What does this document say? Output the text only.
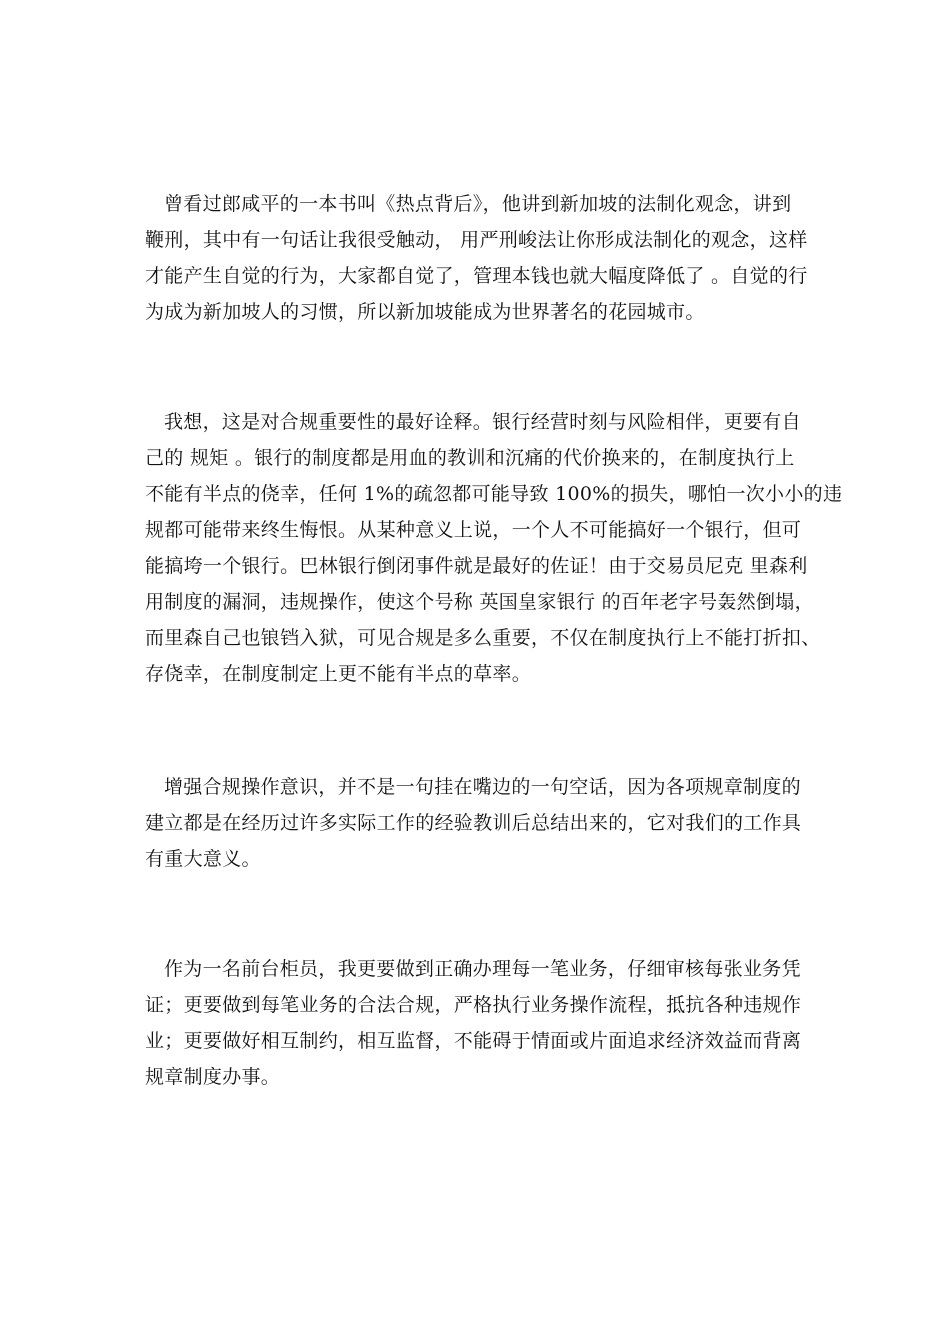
曾看过郎咸平的一本书叫《热点背后》，他讲到新加坡的法制化观念，讲到
鞭刑，其中有一句话让我很受触动， 用严刑峻法让你形成法制化的观念，这样
才能产生自觉的行为，大家都自觉了，管理本钱也就大幅度降低了 。自觉的行
为成为新加坡人的习惯，所以新加坡能成为世界著名的花园城市。
我想，这是对合规重要性的最好诠释。银行经营时刻与风险相伴，更要有自
己的 规矩 。银行的制度都是用血的教训和沉痛的代价换来的，在制度执行上
不能有半点的侥幸，任何 1%的疏忽都可能导致 100%的损失，哪怕一次小小的违
规都可能带来终生悔恨。从某种意义上说，一个人不可能搞好一个银行，但可
能搞垮一个银行。巴林银行倒闭事件就是最好的佐证！由于交易员尼克 里森利
用制度的漏洞，违规操作，使这个号称 英国皇家银行 的百年老字号轰然倒塌，
而里森自己也锒铛入狱，可见合规是多么重要，不仅在制度执行上不能打折扣、
存侥幸，在制度制定上更不能有半点的草率。
增强合规操作意识，并不是一句挂在嘴边的一句空话，因为各项规章制度的
建立都是在经历过许多实际工作的经验教训后总结出来的，它对我们的工作具
有重大意义。
作为一名前台柜员，我更要做到正确办理每一笔业务，仔细审核每张业务凭
证；更要做到每笔业务的合法合规，严格执行业务操作流程，抵抗各种违规作
业；更要做好相互制约，相互监督，不能碍于情面或片面追求经济效益而背离
规章制度办事。
